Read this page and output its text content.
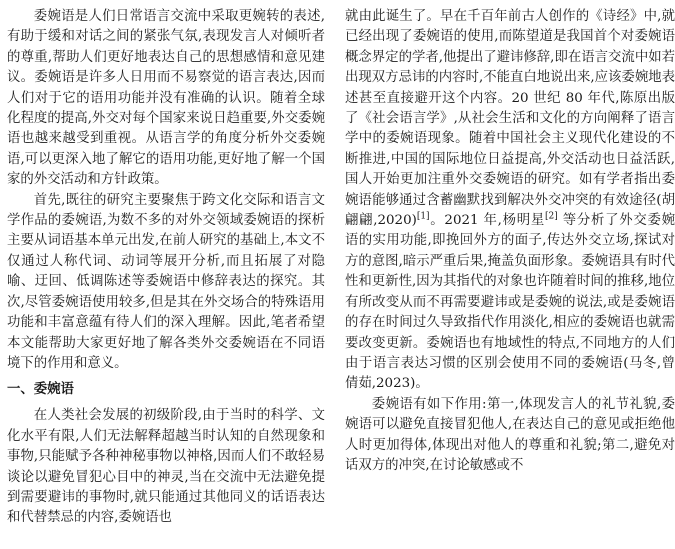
委婉语是人们日常语言交流中采取更婉转的表述,有助于缓和对话之间的紧张气氛,表现发言人对倾听者的尊重,帮助人们更好地表达自己的思想感情和意见建议。委婉语是许多人日用而不易察觉的语言表达,因而人们对于它的语用功能并没有准确的认识。随着全球化程度的提高,外交对每个国家来说日趋重要,外交委婉语也越来越受到重视。从语言学的角度分析外交委婉语,可以更深入地了解它的语用功能,更好地了解一个国家的外交活动和方针政策。

首先,既往的研究主要聚焦于跨文化交际和语言文学作品的委婉语,为数不多的对外交领域委婉语的探析主要从词语基本单元出发,在前人研究的基础上,本文不仅通过人称代词、动词等展开分析,而且拓展了对隐喻、迂回、低调陈述等委婉语中修辞表达的探究。其次,尽管委婉语使用较多,但是其在外交场合的特殊语用功能和丰富意蕴有待人们的深入理解。因此,笔者希望本文能帮助大家更好地了解各类外交委婉语在不同语境下的作用和意义。

一、委婉语

在人类社会发展的初级阶段,由于当时的科学、文化水平有限,人们无法解释超越当时认知的自然现象和事物,只能赋予各种神秘事物以神格,因而人们不敢轻易谈论以避免冒犯心目中的神灵,当在交流中无法避免提到需要避讳的事物时,就只能通过其他同义的话语表达和代替禁忌的内容,委婉语也

就由此诞生了。早在千百年前古人创作的《诗经》中,就已经出现了委婉语的使用,而陈望道是我国首个对委婉语概念界定的学者,他提出了避讳修辞,即在语言交流中如若出现双方忌讳的内容时,不能直白地说出来,应该委婉地表述甚至直接避开这个内容。20 世纪 80 年代,陈原出版了《社会语言学》,从社会生活和文化的方向阐释了语言学中的委婉语现象。随着中国社会主义现代化建设的不断推进,中国的国际地位日益提高,外交活动也日益活跃,国人开始更加注重外交委婉语的研究。如有学者指出委婉语能够通过含蓄幽默找到解决外交冲突的有效途径(胡翩翩,2020)[1]。2021 年,杨明星[2] 等分析了外交委婉语的实用功能,即挽回外方的面子,传达外交立场,探试对方的意图,暗示严重后果,掩盖负面形象。委婉语具有时代性和更新性,因为其指代的对象也许随着时间的推移,地位有所改变从而不再需要避讳或是委婉的说法,或是委婉语的存在时间过久导致指代作用淡化,相应的委婉语也就需要改变更新。委婉语也有地域性的特点,不同地方的人们由于语言表达习惯的区别会使用不同的委婉语(马冬,曾倩茹,2023)。

委婉语有如下作用:第一,体现发言人的礼节礼貌,委婉语可以避免直接冒犯他人,在表达自己的意见或拒绝他人时更加得体,体现出对他人的尊重和礼貌;第二,避免对话双方的冲突,在讨论敏感或不
